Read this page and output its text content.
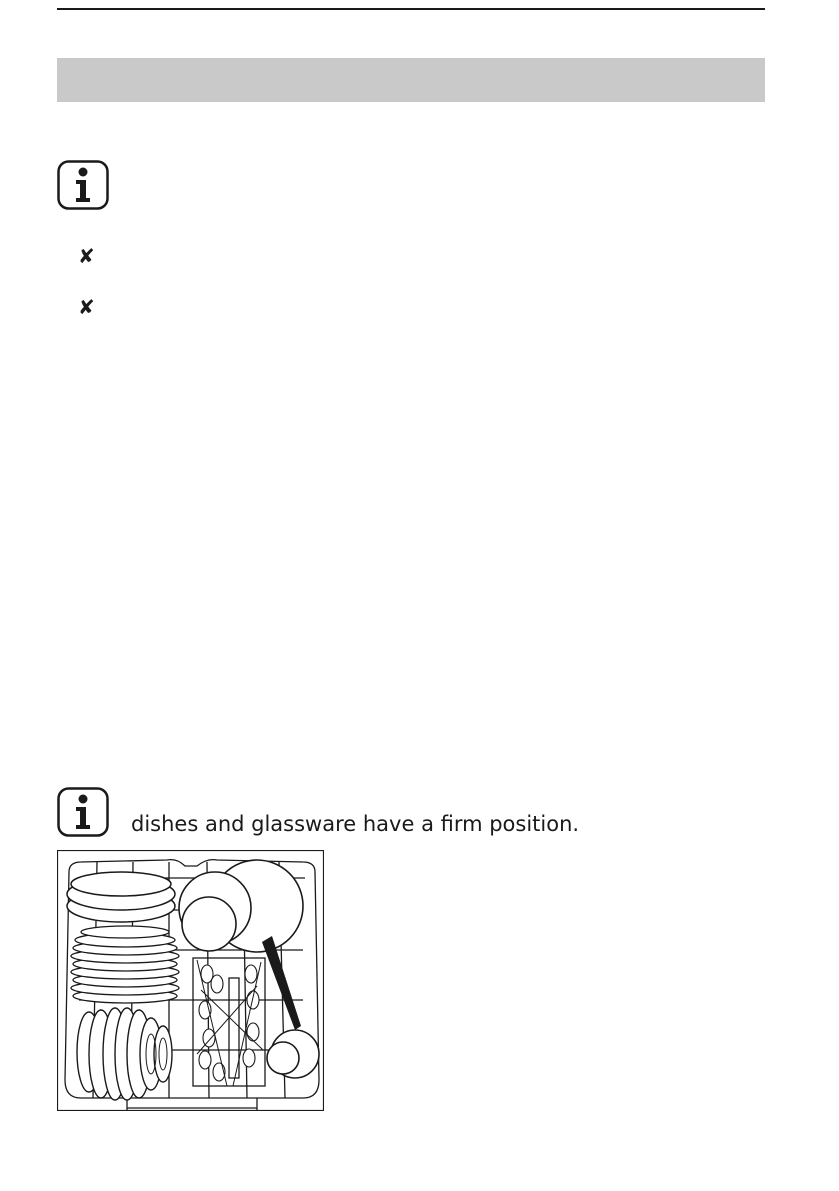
✘
✘
dishes and glassware have a firm position.
